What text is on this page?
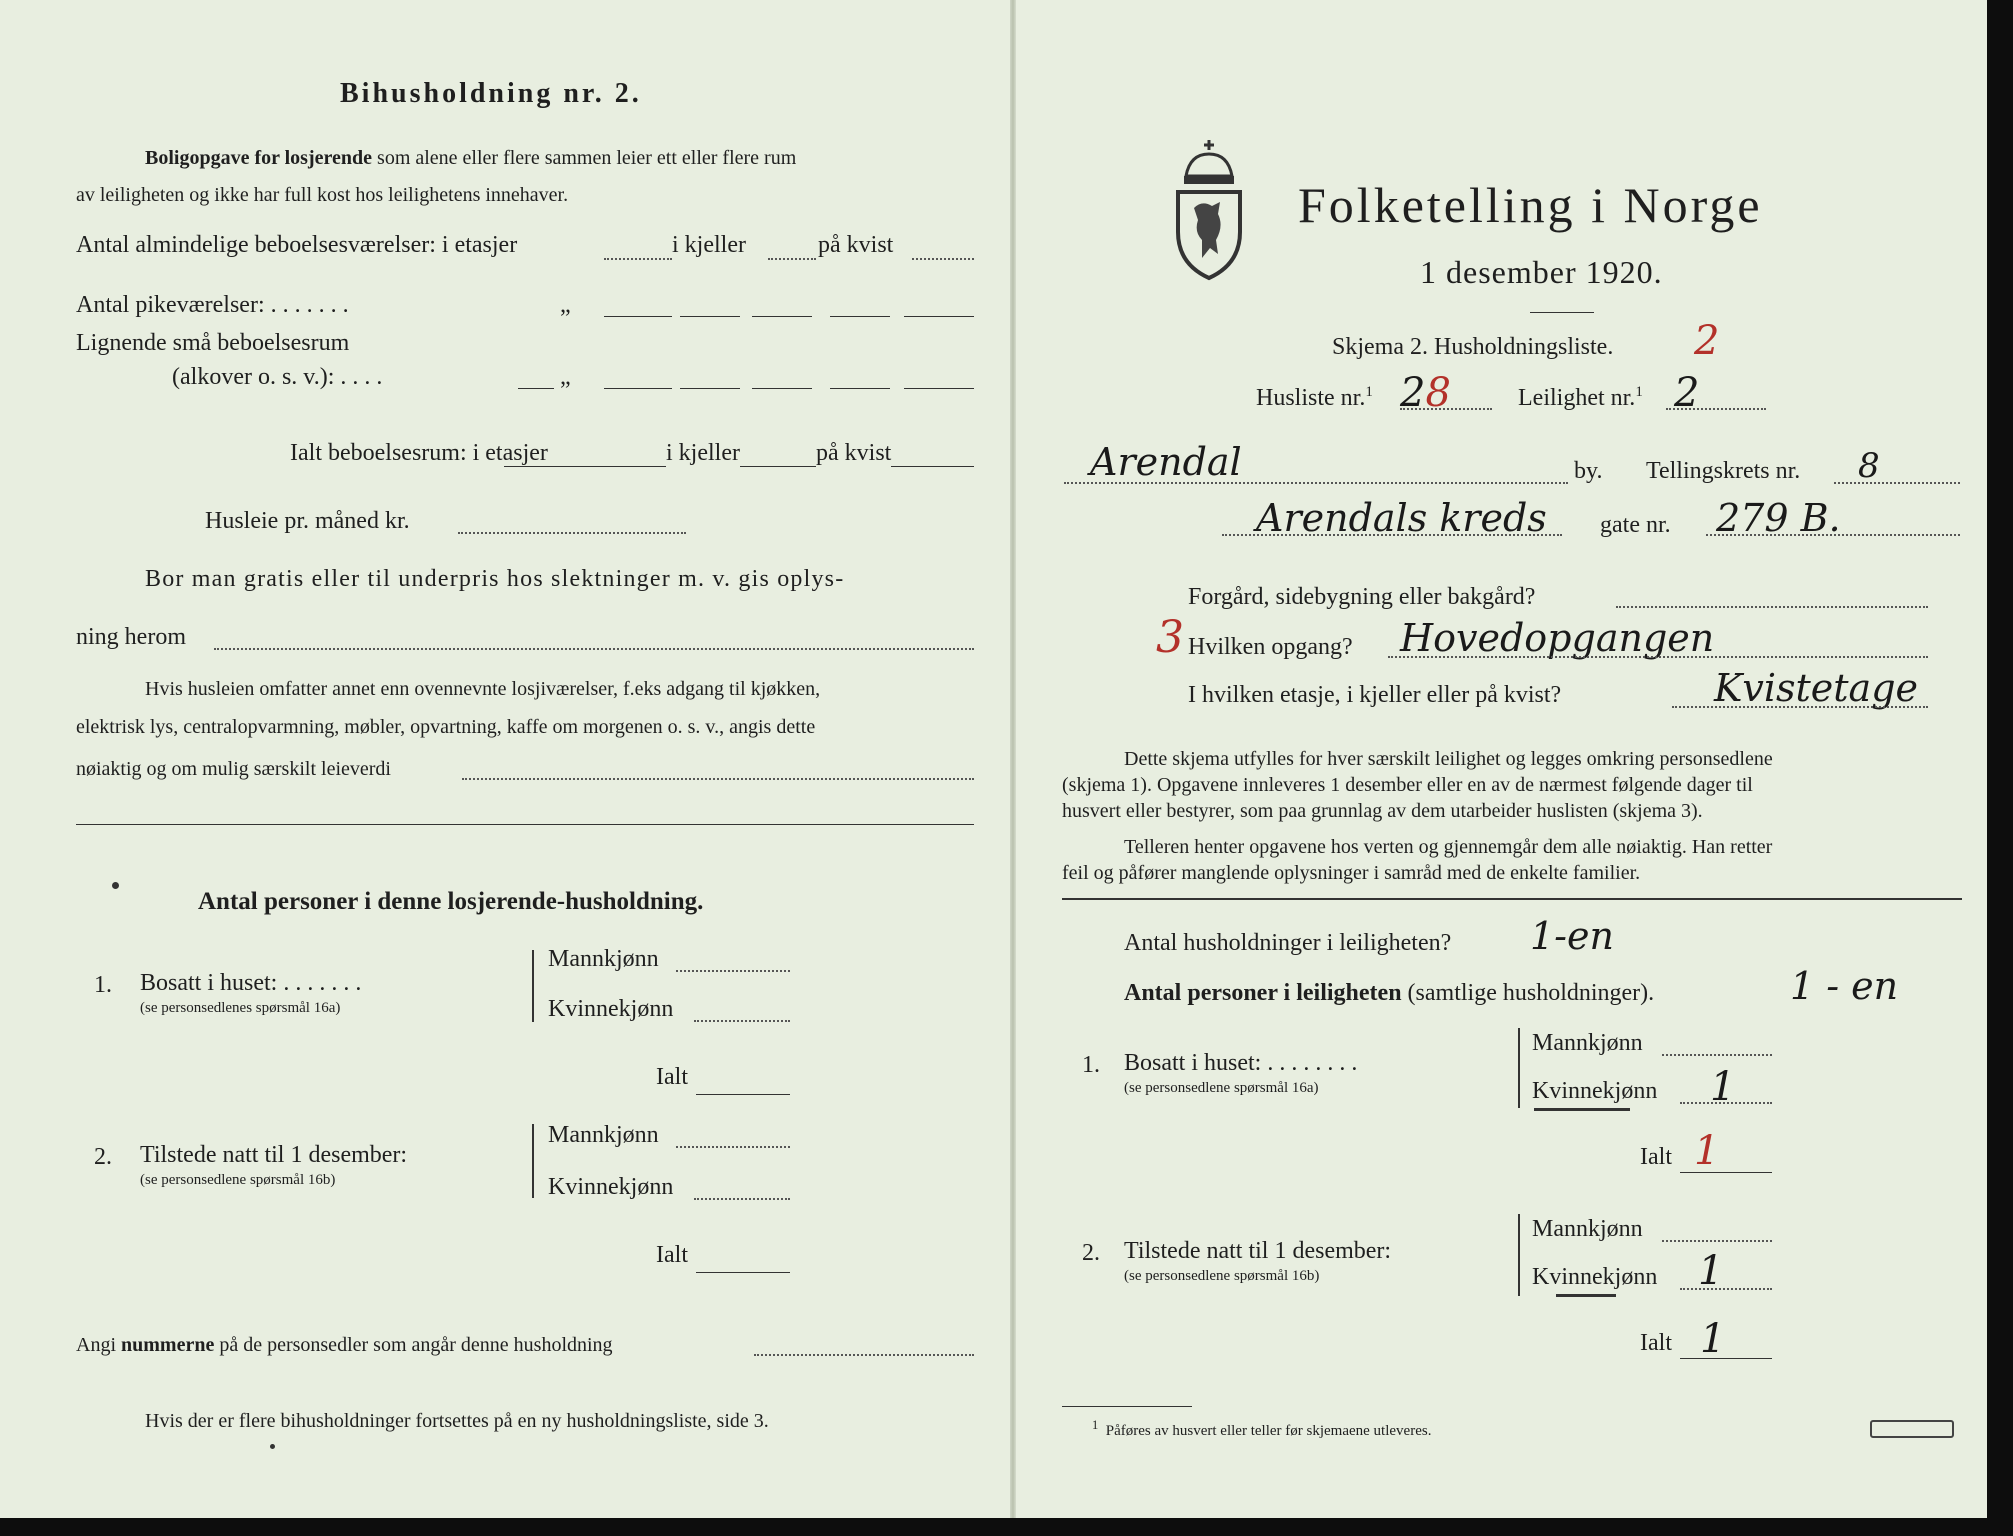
Bihusholdning nr. 2.
Boligopgave for losjerende som alene eller flere sammen leier ett eller flere rum
av leiligheten og ikke har full kost hos leilighetens innehaver.
Antal almindelige beboelsesværelser: i etasjer	i kjeller	på kvist
Antal pikeværelser: . . . . . . .	„
Lignende små beboelsesrum
(alkover o. s. v.): . . . .	„
Ialt beboelsesrum: i etasjer	i kjeller	på kvist
Husleie pr. måned kr.
Bor man gratis eller til underpris hos slektninger m. v. gis oplys-
ning herom
Hvis husleien omfatter annet enn ovennevnte losjiværelser, f.eks adgang til kjøkken,
elektrisk lys, centralopvarmning, møbler, opvartning, kaffe om morgenen o. s. v., angis dette
nøiaktig og om mulig særskilt leieverdi
Antal personer i denne losjerende-husholdning.
1. Bosatt i huset: . . . . . . .
(se personsedlenes spørsmål 16a)
Mannkjønn
Kvinnekjønn
Ialt
2. Tilstede natt til 1 desember:
(se personsedlene spørsmål 16b)
Mannkjønn
Kvinnekjønn
Ialt
Angi nummerne på de personsedler som angår denne husholdning
Hvis der er flere bihusholdninger fortsettes på en ny husholdningsliste, side 3.
Folketelling i Norge
1 desember 1920.
Skjema 2. Husholdningsliste. 2
Husliste nr.$^1$ 28	Leilighet nr.$^1$ 2
Arendal	by. Tellingskrets nr. 8
Arendals kreds gate nr. 279 B.
Forgård, sidebygning eller bakgård?
3 Hvilken opgang? Hovedopgangen
I hvilken etasje, i kjeller eller på kvist?	Kvistetage
Dette skjema utfylles for hver særskilt leilighet og legges omkring personsedlene
(skjema 1). Opgavene innleveres 1 desember eller en av de nærmest følgende dager til
husvert eller bestyrer, som paa grunnlag av dem utarbeider huslisten (skjema 3).
Telleren henter opgavene hos verten og gjennemgår dem alle nøiaktig. Han retter
feil og påfører manglende oplysninger i samråd med de enkelte familier.
Antal husholdninger i leiligheten? 1-en
Antal personer i leiligheten (samtlige husholdninger).	1 - en
1. Bosatt i huset: . . . . . . . .
(se personsedlene spørsmål 16a)
Mannkjønn
Kvinnekjønn 1
Ialt 1
2. Tilstede natt til 1 desember:
(se personsedlene spørsmål 16b)
Mannkjønn
Kvinnekjønn 1
Ialt 1
$^1$ Påføres av husvert eller teller før skjemaene utleveres.
